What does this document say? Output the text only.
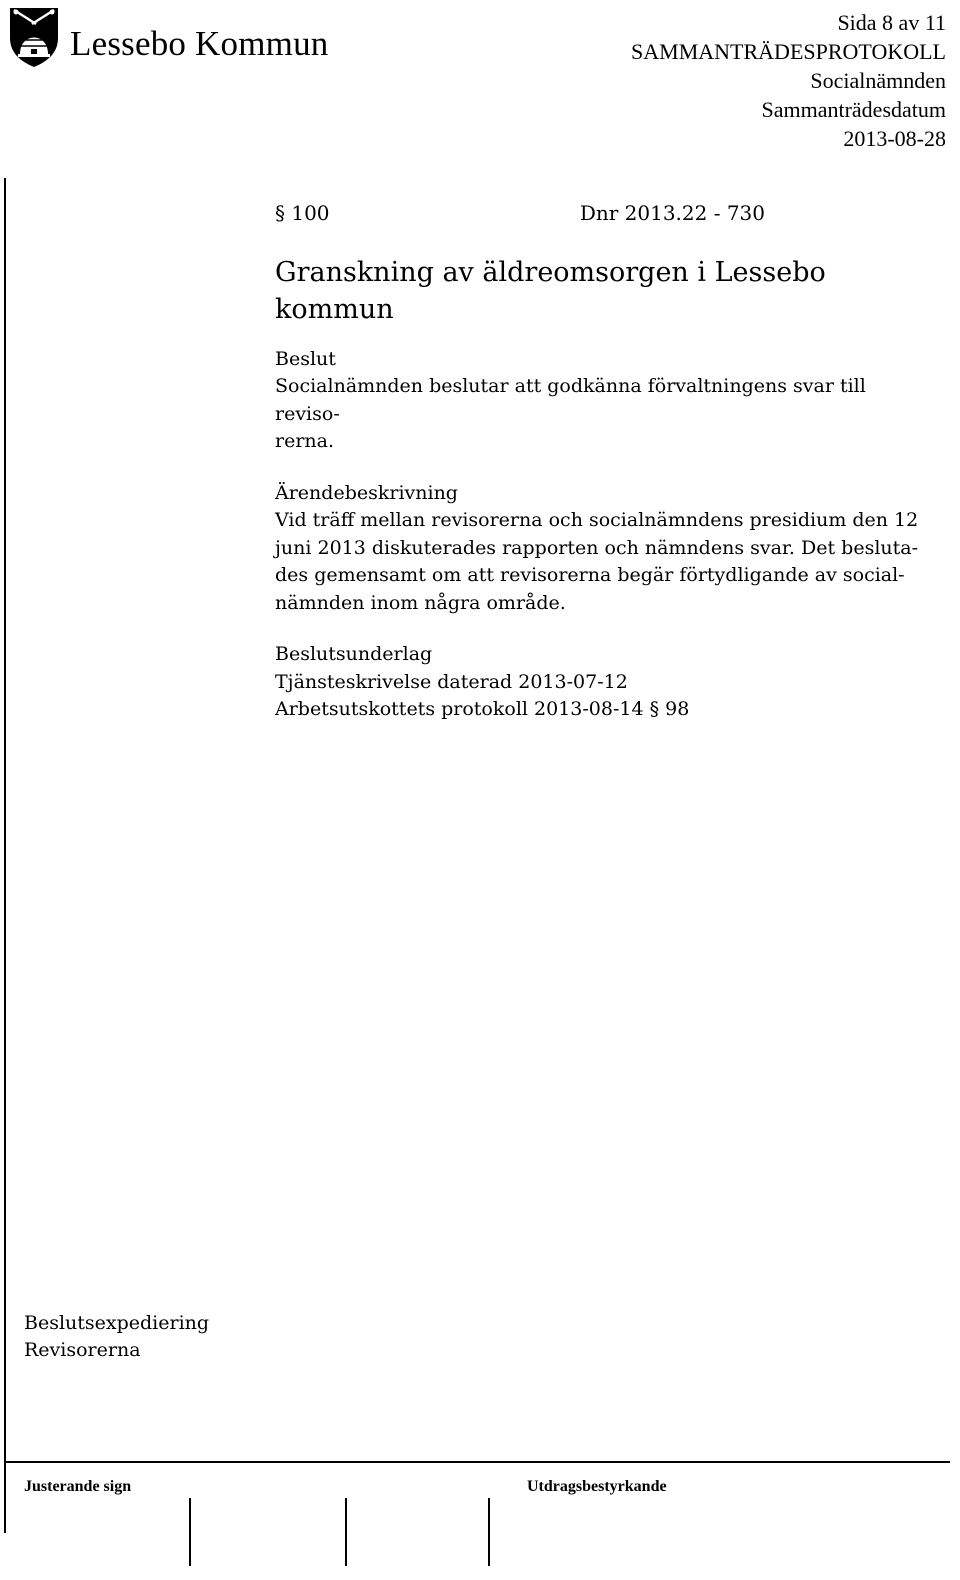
Lessebo Kommun
Sida 8 av 11
SAMMANTRÄDESPROTOKOLL
Socialnämnden
Sammanträdesdatum
2013-08-28
§ 100	Dnr 2013.22 - 730
Granskning av äldreomsorgen i Lessebo
kommun
Beslut
Socialnämnden beslutar att godkänna förvaltningens svar till reviso-
rerna.
Ärendebeskrivning
Vid träff mellan revisorerna och socialnämndens presidium den 12
juni 2013 diskuterades rapporten och nämndens svar. Det besluta-
des gemensamt om att revisorerna begär förtydligande av social-
nämnden inom några område.
Beslutsunderlag
Tjänsteskrivelse daterad 2013-07-12
Arbetsutskottets protokoll 2013-08-14 § 98
Beslutsexpediering
Revisorerna
Justerande sign	Utdragsbestyrkande
